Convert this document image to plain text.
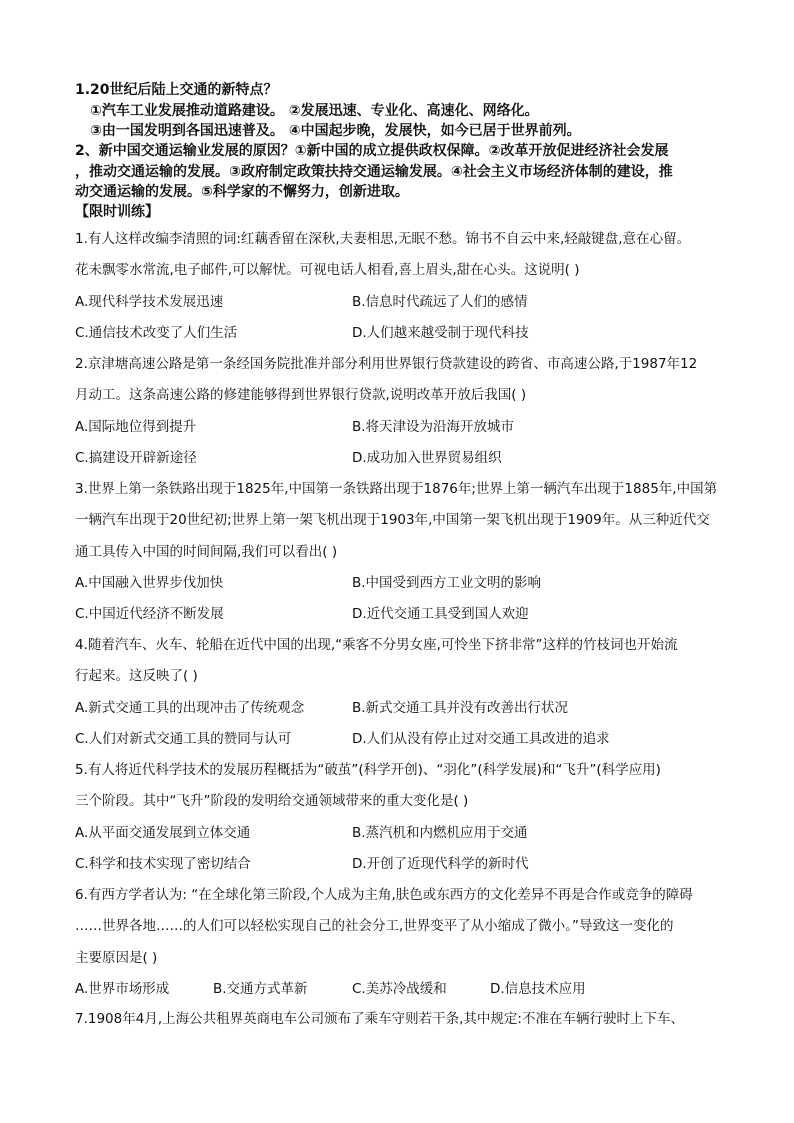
1.20世纪后陆上交通的新特点？
①汽车工业发展推动道路建设。 ②发展迅速、专业化、高速化、网络化。
③由一国发明到各国迅速普及。 ④中国起步晚，发展快，如今已居于世界前列。
2、新中国交通运输业发展的原因？①新中国的成立提供政权保障。②改革开放促进经济社会发展
，推动交通运输的发展。③政府制定政策扶持交通运输发展。④社会主义市场经济体制的建设，推
动交通运输的发展。⑤科学家的不懈努力，创新进取。
【限时训练】
1.有人这样改编李清照的词:红藕香留在深秋,夫妻相思,无眠不愁。锦书不自云中来,轻敲键盘,意在心留。
花未飘零水常流,电子邮件,可以解忧。可视电话人相看,喜上眉头,甜在心头。这说明( )
A.现代科学技术发展迅速	B.信息时代疏远了人们的感情
C.通信技术改变了人们生活	D.人们越来越受制于现代科技
2.京津塘高速公路是第一条经国务院批准并部分利用世界银行贷款建设的跨省、市高速公路,于1987年12
月动工。这条高速公路的修建能够得到世界银行贷款,说明改革开放后我国( )
A.国际地位得到提升	B.将天津设为沿海开放城市
C.搞建设开辟新途径	D.成功加入世界贸易组织
3.世界上第一条铁路出现于1825年,中国第一条铁路出现于1876年;世界上第一辆汽车出现于1885年,中国第
一辆汽车出现于20世纪初;世界上第一架飞机出现于1903年,中国第一架飞机出现于1909年。从三种近代交
通工具传入中国的时间间隔,我们可以看出( )
A.中国融入世界步伐加快	B.中国受到西方工业文明的影响
C.中国近代经济不断发展	D.近代交通工具受到国人欢迎
4.随着汽车、火车、轮船在近代中国的出现,“乘客不分男女座,可怜坐下挤非常”这样的竹枝词也开始流
行起来。这反映了( )
A.新式交通工具的出现冲击了传统观念	B.新式交通工具并没有改善出行状况
C.人们对新式交通工具的赞同与认可	D.人们从没有停止过对交通工具改进的追求
5.有人将近代科学技术的发展历程概括为“破茧”(科学开创)、“羽化”(科学发展)和“飞升”(科学应用)
三个阶段。其中“飞升”阶段的发明给交通领域带来的重大变化是( )
A.从平面交通发展到立体交通	B.蒸汽机和内燃机应用于交通
C.科学和技术实现了密切结合	D.开创了近现代科学的新时代
6.有西方学者认为: “在全球化第三阶段,个人成为主角,肤色或东西方的文化差异不再是合作或竞争的障碍
……世界各地……的人们可以轻松实现自己的社会分工,世界变平了从小缩成了微小。”导致这一变化的
主要原因是( )
A.世界市场形成	B.交通方式革新	C.美苏冷战缓和	D.信息技术应用
7.1908年4月,上海公共租界英商电车公司颁布了乘车守则若干条,其中规定:不准在车辆行驶时上下车、
